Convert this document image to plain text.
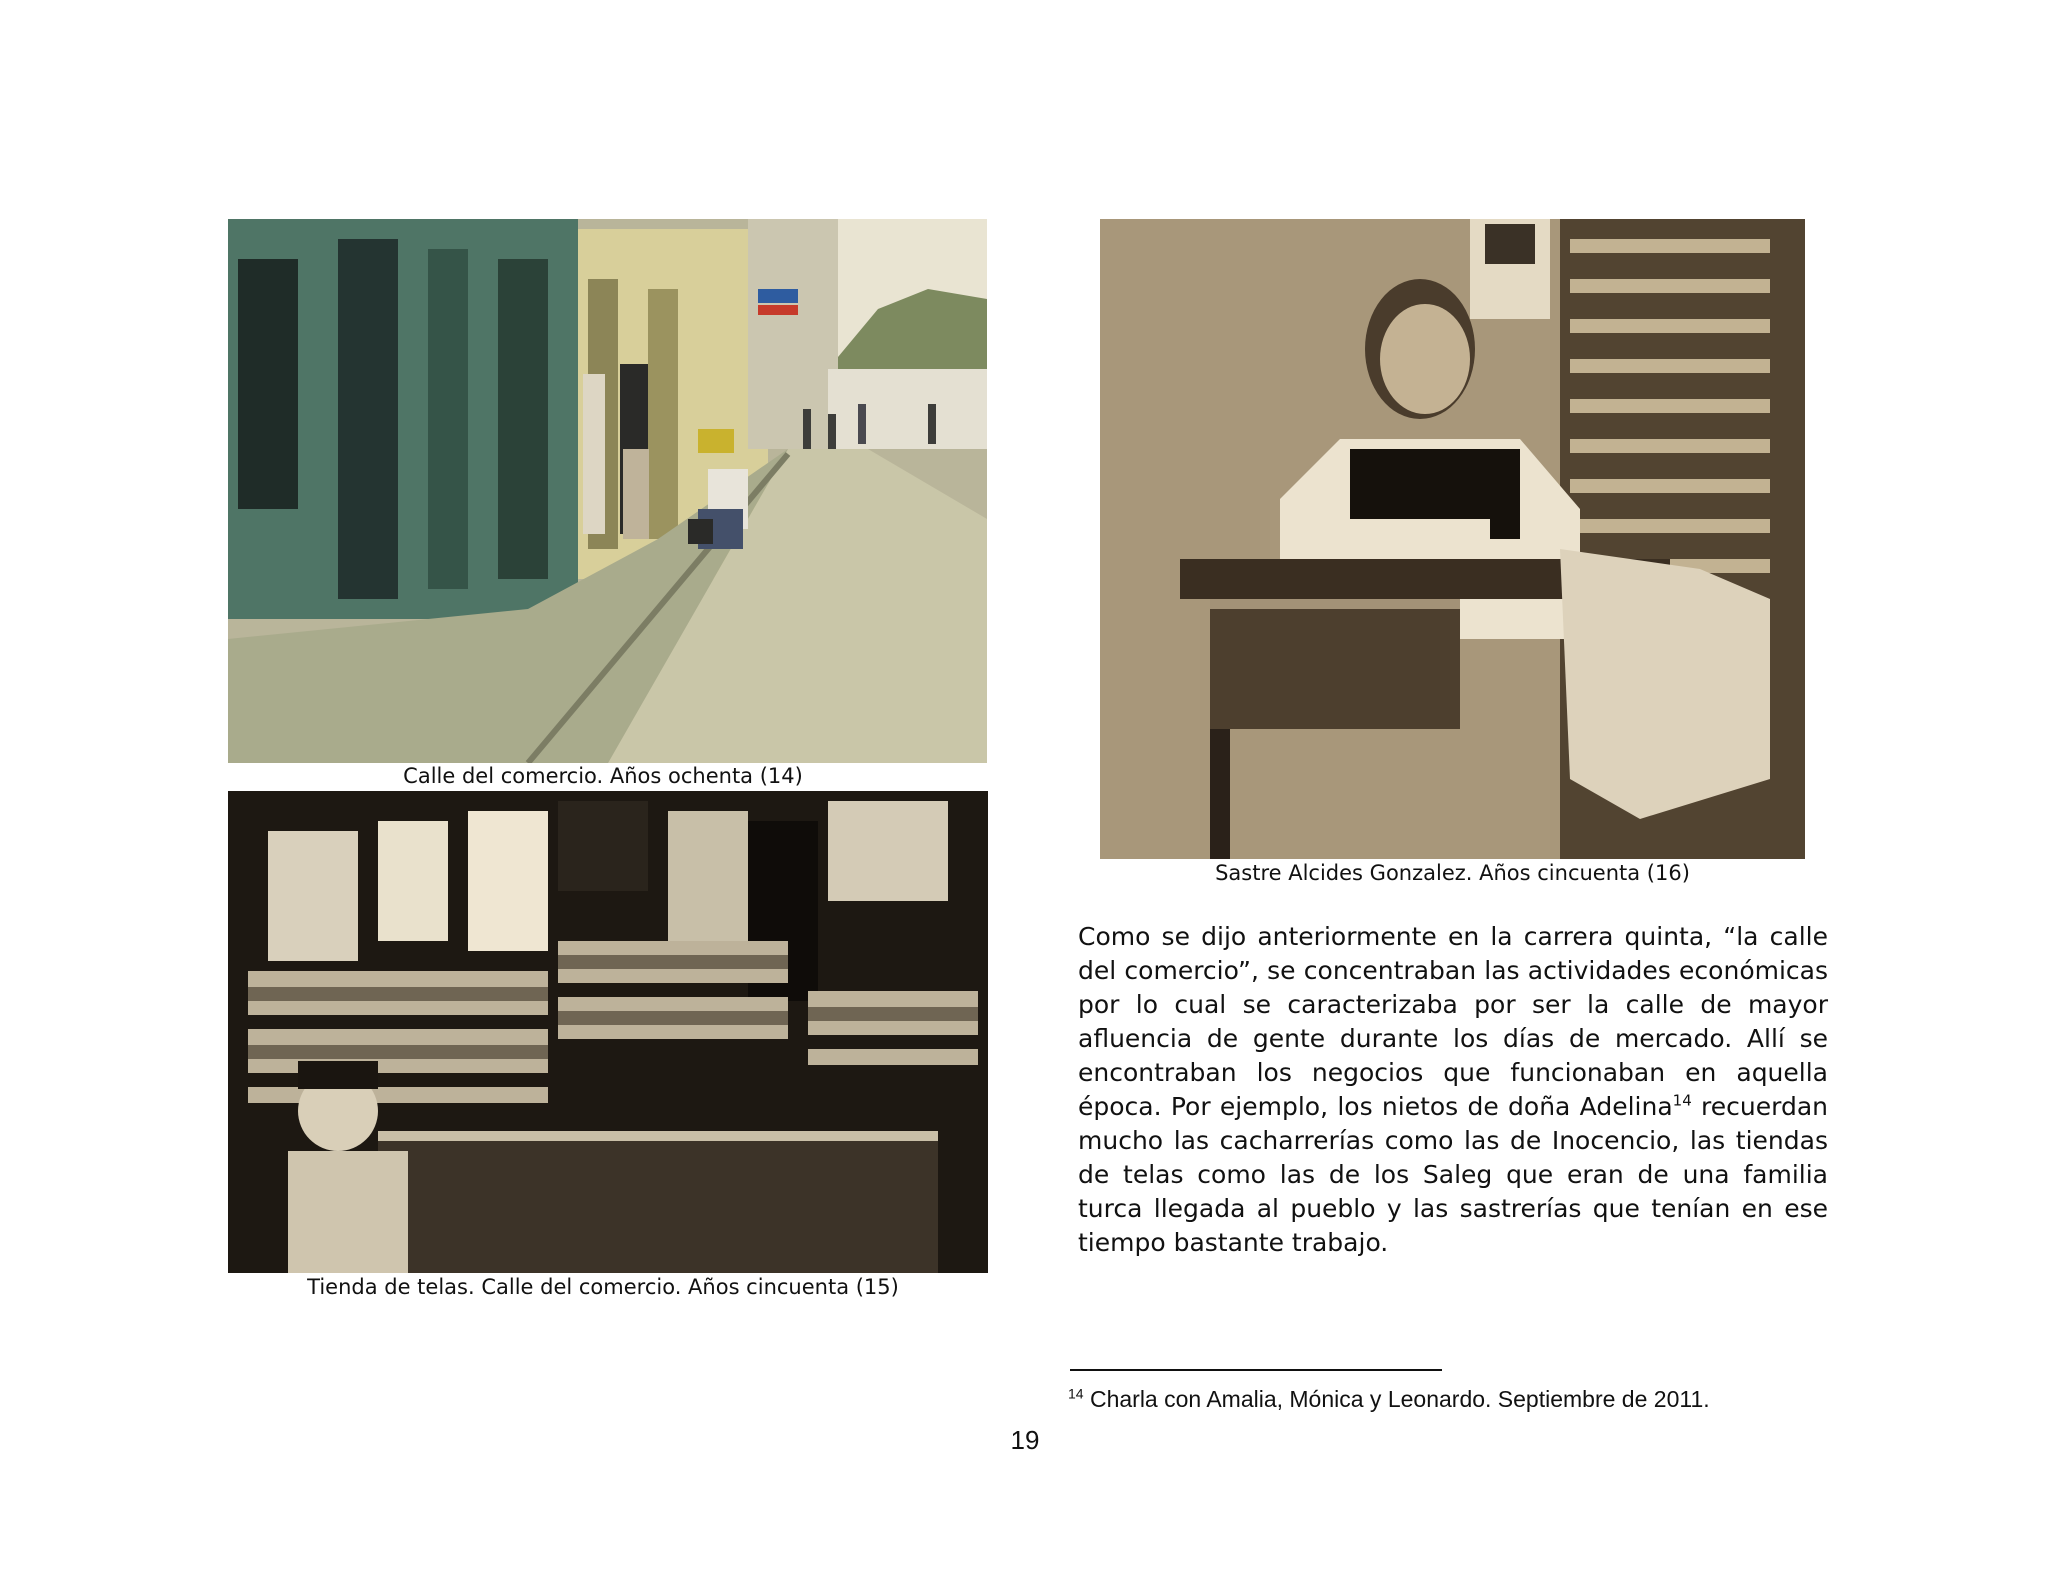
Calle del comercio. Años ochenta (14)
Tienda de telas. Calle del comercio. Años cincuenta (15)
Sastre Alcides Gonzalez. Años cincuenta (16)

Como se dijo anteriormente en la carrera quinta, “la calle del comercio”, se concentraban las actividades económicas por lo cual se caracterizaba por ser la calle de mayor afluencia de gente durante los días de mercado. Allí se encontraban los negocios que funcionaban en aquella época. Por ejemplo, los nietos de doña Adelina$^{14}$ recuerdan mucho las cacharrerías como las de Inocencio, las tiendas de telas como las de los Saleg que eran de una familia turca llegada al pueblo y las sastrerías que tenían en ese tiempo bastante trabajo.

$^{14}$ Charla con Amalia, Mónica y Leonardo. Septiembre de 2011.
19
